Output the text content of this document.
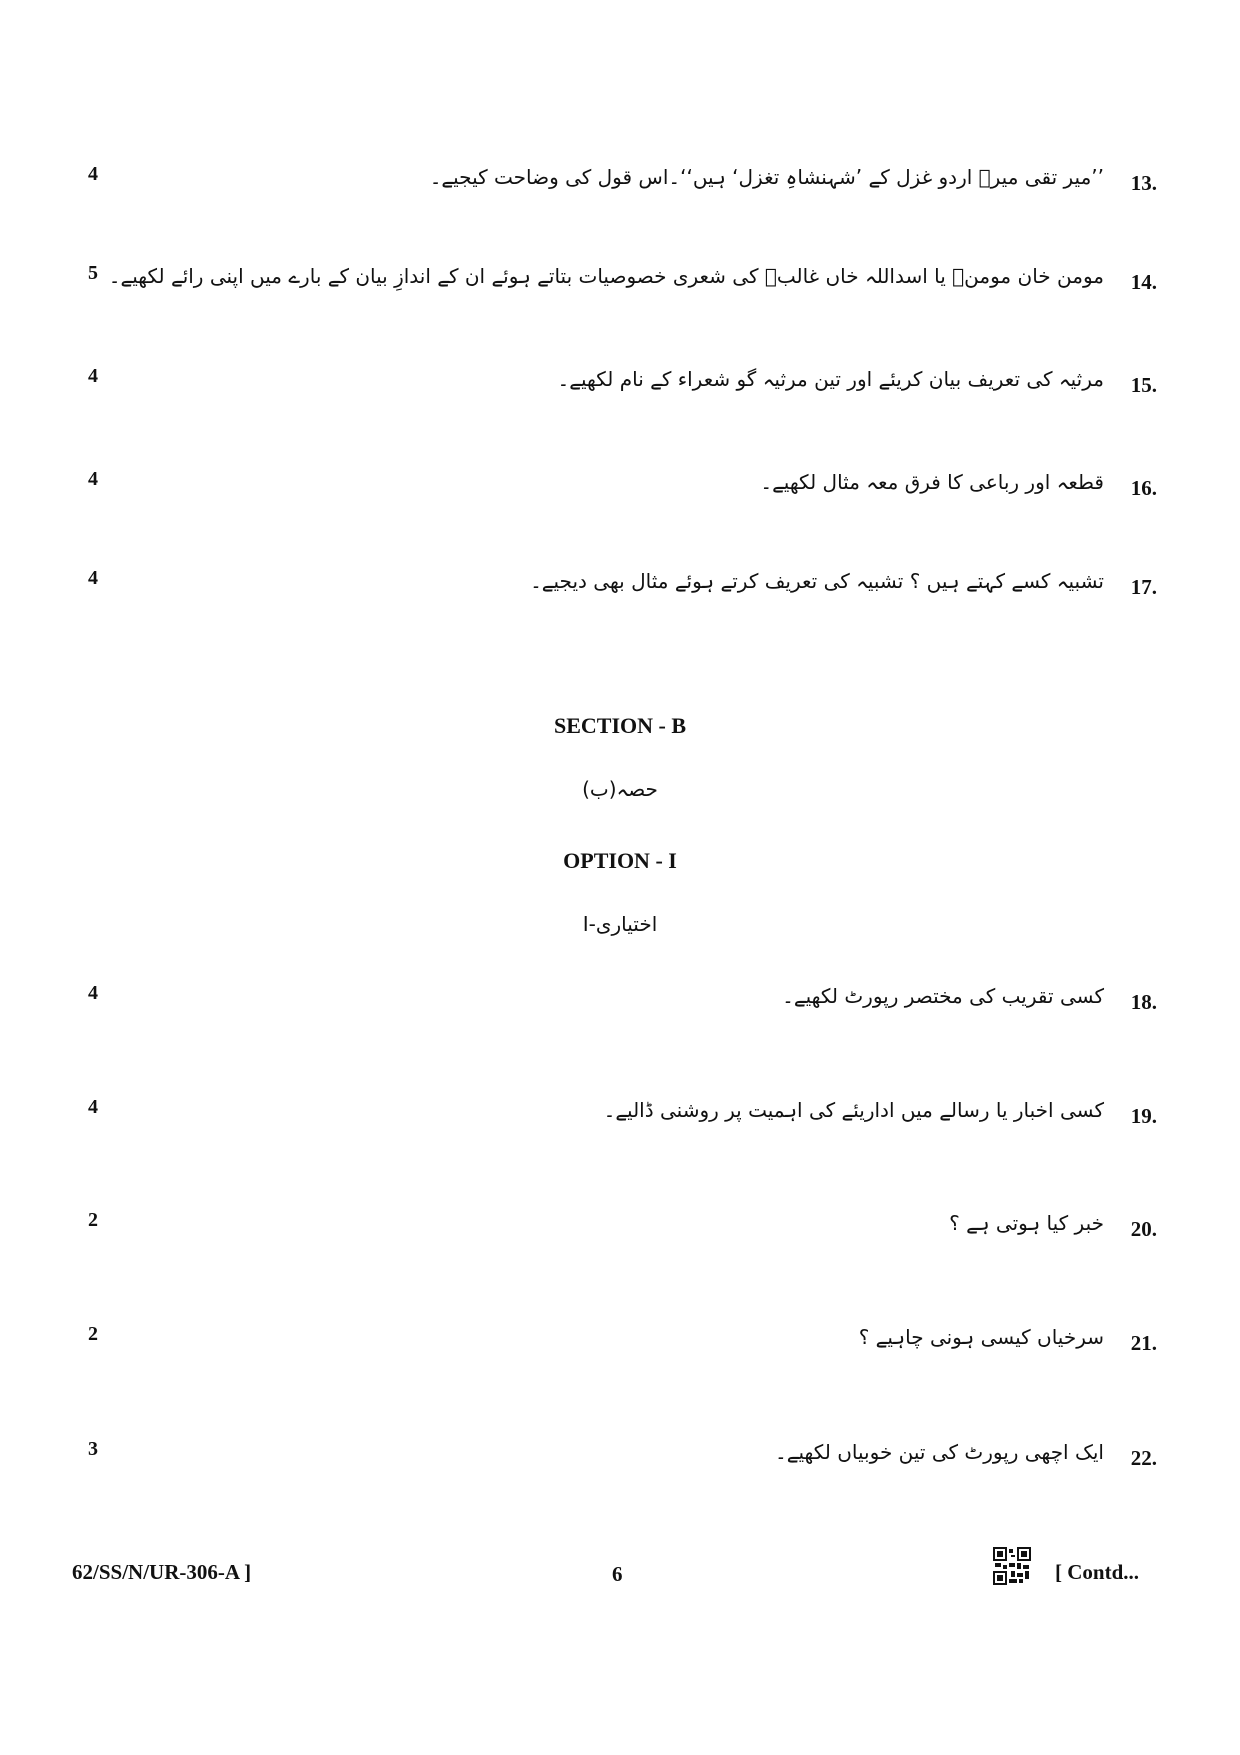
4	’’میر تقی میرؔ اردو غزل کے ’شہنشاہِ تغزل‘ ہیں‘‘۔اس قول کی وضاحت کیجیے۔ 13.
5 مومن خان مومنؔ یا اسداللہ خاں غالبؔ کی شعری خصوصیات بتاتے ہوئے ان کے اندازِ بیان کے بارے میں اپنی رائے لکھیے۔ 14.
4	مرثیہ کی تعریف بیان کریئے اور تین مرثیہ گو شعراء کے نام لکھیے۔ 15.
4	قطعہ اور رباعی کا فرق معہ مثال لکھیے۔ 16.
4	تشبیہ کسے کہتے ہیں ؟ تشبیہ کی تعریف کرتے ہوئے مثال بھی دیجیے۔ 17.
SECTION - B
حصہ(ب)
OPTION - I
اختیاری-I
4	کسی تقریب کی مختصر رپورٹ لکھیے۔ 18.
4	کسی اخبار یا رسالے میں اداریئے کی اہمیت پر روشنی ڈالیے۔ 19.
2	خبر کیا ہوتی ہے ؟ 20.
2	سرخیاں کیسی ہونی چاہیے ؟ 21.
3	ایک اچھی رپورٹ کی تین خوبیاں لکھیے۔ 22.
62/SS/N/UR-306-A ]	6	[ Contd...
